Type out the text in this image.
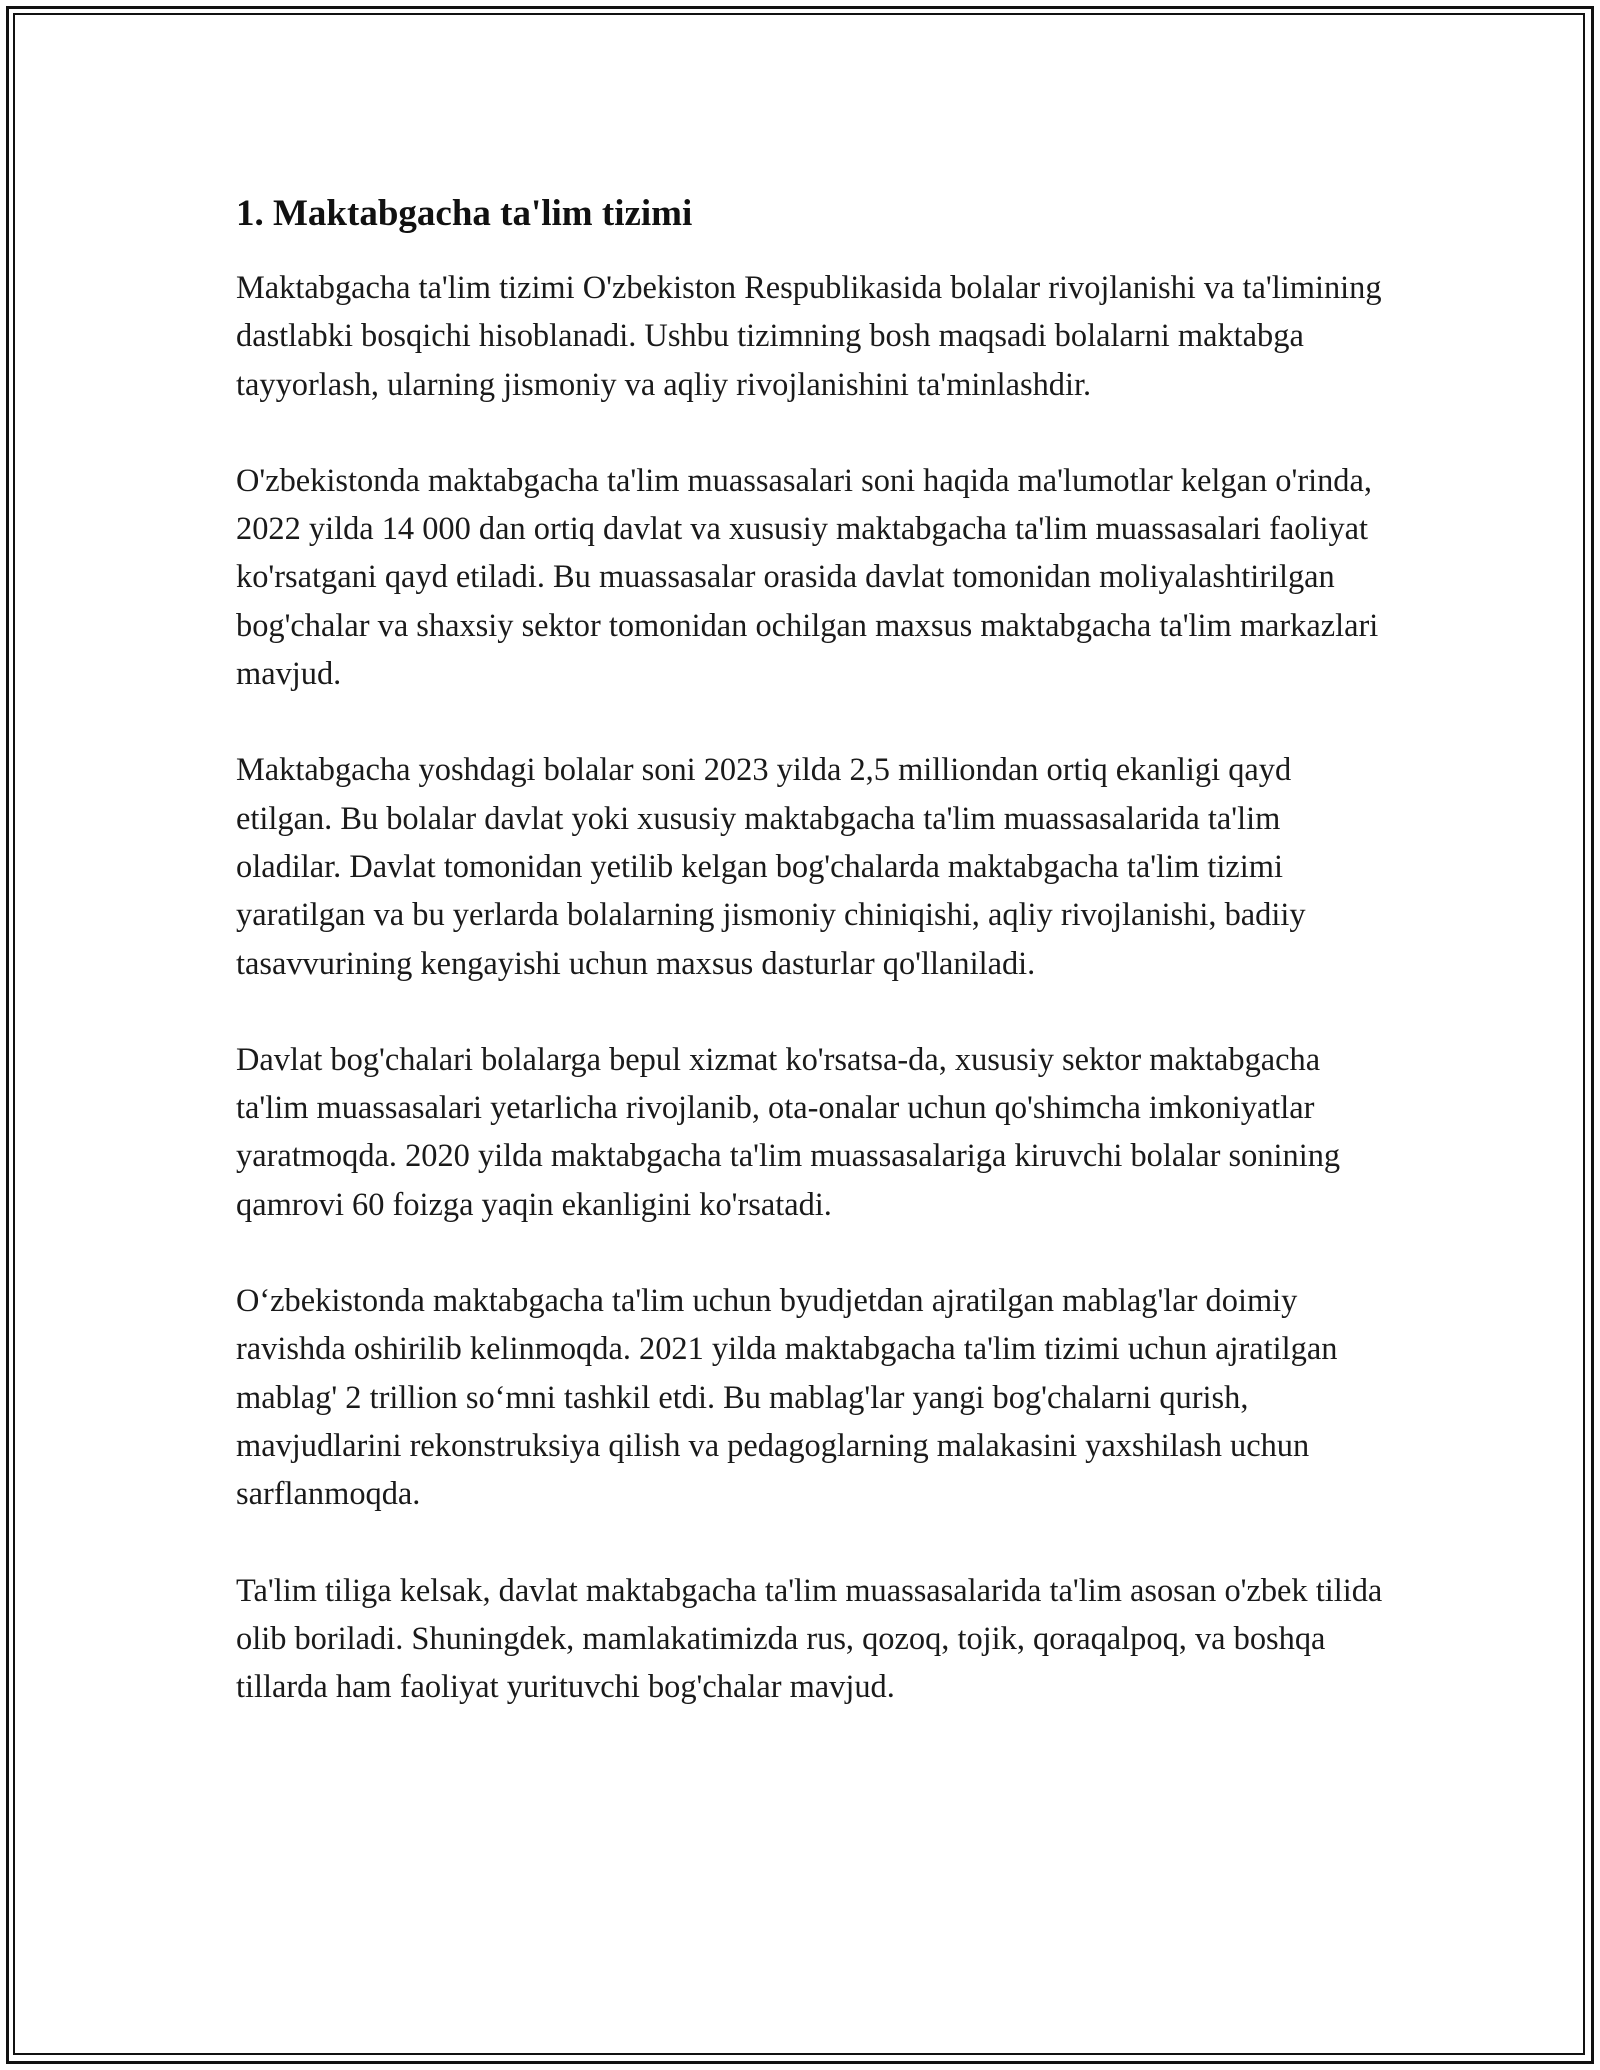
1. Maktabgacha ta'lim tizimi

Maktabgacha ta'lim tizimi O'zbekiston Respublikasida bolalar rivojlanishi va ta'limining dastlabki bosqichi hisoblanadi. Ushbu tizimning bosh maqsadi bolalarni maktabga tayyorlash, ularning jismoniy va aqliy rivojlanishini ta'minlashdir.

O'zbekistonda maktabgacha ta'lim muassasalari soni haqida ma'lumotlar kelgan o'rinda, 2022 yilda 14 000 dan ortiq davlat va xususiy maktabgacha ta'lim muassasalari faoliyat ko'rsatgani qayd etiladi. Bu muassasalar orasida davlat tomonidan moliyalashtirilgan bog'chalar va shaxsiy sektor tomonidan ochilgan maxsus maktabgacha ta'lim markazlari mavjud.

Maktabgacha yoshdagi bolalar soni 2023 yilda 2,5 milliondan ortiq ekanligi qayd etilgan. Bu bolalar davlat yoki xususiy maktabgacha ta'lim muassasalarida ta'lim oladilar. Davlat tomonidan yetilib kelgan bog'chalarda maktabgacha ta'lim tizimi yaratilgan va bu yerlarda bolalarning jismoniy chiniqishi, aqliy rivojlanishi, badiiy tasavvurining kengayishi uchun maxsus dasturlar qo'llaniladi.

Davlat bog'chalari bolalarga bepul xizmat ko'rsatsa-da, xususiy sektor maktabgacha ta'lim muassasalari yetarlicha rivojlanib, ota-onalar uchun qo'shimcha imkoniyatlar yaratmoqda. 2020 yilda maktabgacha ta'lim muassasalariga kiruvchi bolalar sonining qamrovi 60 foizga yaqin ekanligini ko'rsatadi.

O‘zbekistonda maktabgacha ta'lim uchun byudjetdan ajratilgan mablag'lar doimiy ravishda oshirilib kelinmoqda. 2021 yilda maktabgacha ta'lim tizimi uchun ajratilgan mablag' 2 trillion so‘mni tashkil etdi. Bu mablag'lar yangi bog'chalarni qurish, mavjudlarini rekonstruksiya qilish va pedagoglarning malakasini yaxshilash uchun sarflanmoqda.

Ta'lim tiliga kelsak, davlat maktabgacha ta'lim muassasalarida ta'lim asosan o'zbek tilida olib boriladi. Shuningdek, mamlakatimizda rus, qozoq, tojik, qoraqalpoq, va boshqa tillarda ham faoliyat yurituvchi bog'chalar mavjud.
